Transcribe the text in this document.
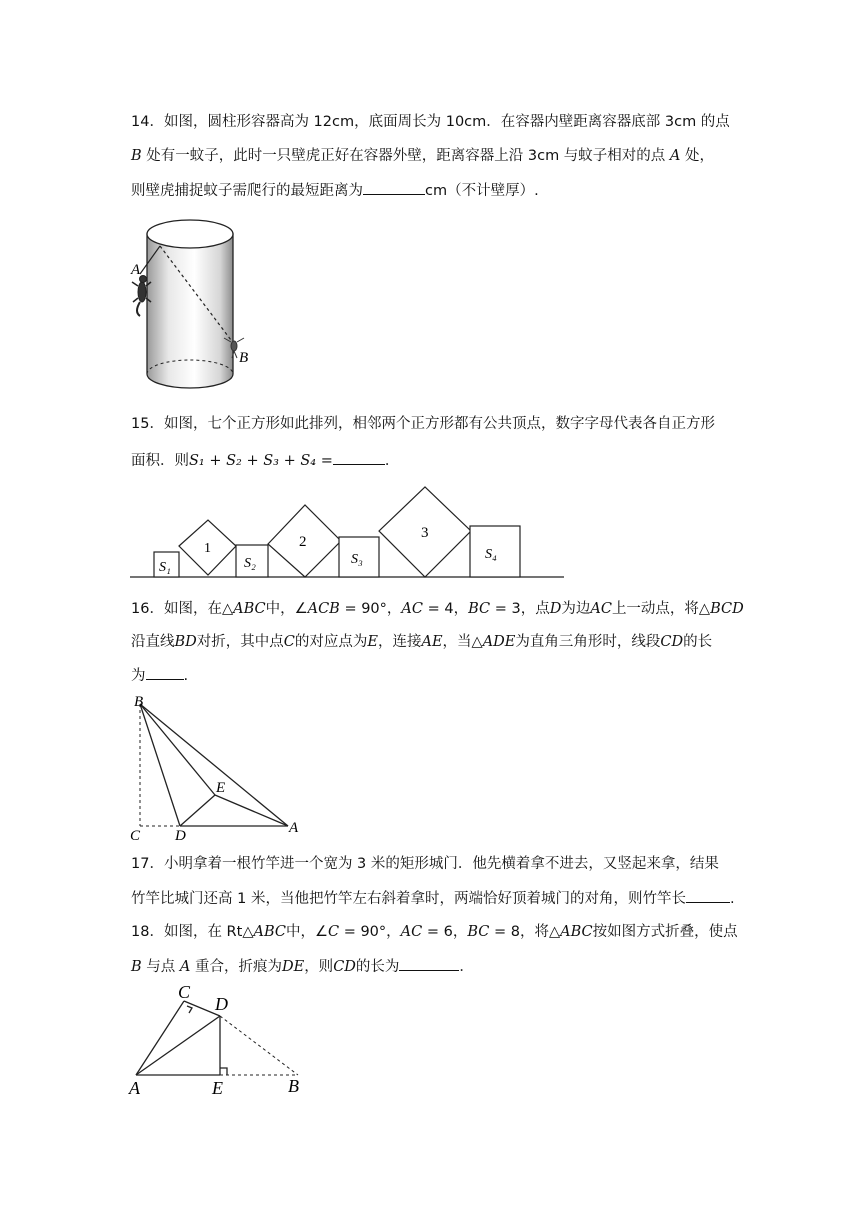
14．如图，圆柱形容器高为 12cm，底面周长为 10cm．在容器内壁距离容器底部 3cm 的点
B 处有一蚊子，此时一只壁虎正好在容器外壁，距离容器上沿 3cm 与蚊子相对的点 A 处，
则壁虎捕捉蚊子需爬行的最短距离为	cm（不计壁厚）.
A
B
15．如图，七个正方形如此排列，相邻两个正方形都有公共顶点，数字字母代表各自正方形
面积．则S₁ + S₂ + S₃ + S₄ =	．
S₁
1
S₂
2
S₃
3
S₄
16．如图，在△ABC中，∠ACB = 90°，AC = 4，BC = 3，点D为边AC上一动点，将△BCD
沿直线BD对折，其中点C的对应点为E，连接AE，当△ADE为直角三角形时，线段CD的长
为	.
B
E
C D	A
17．小明拿着一根竹竿进一个宽为 3 米的矩形城门．他先横着拿不进去，又竖起来拿，结果
竹竿比城门还高 1 米，当他把竹竿左右斜着拿时，两端恰好顶着城门的对角，则竹竿长	.
18．如图，在 Rt△ABC中，∠C = 90°，AC = 6，BC = 8，将△ABC按如图方式折叠，使点
B 与点 A 重合，折痕为DE，则CD的长为	．
C
D
A	E	B
